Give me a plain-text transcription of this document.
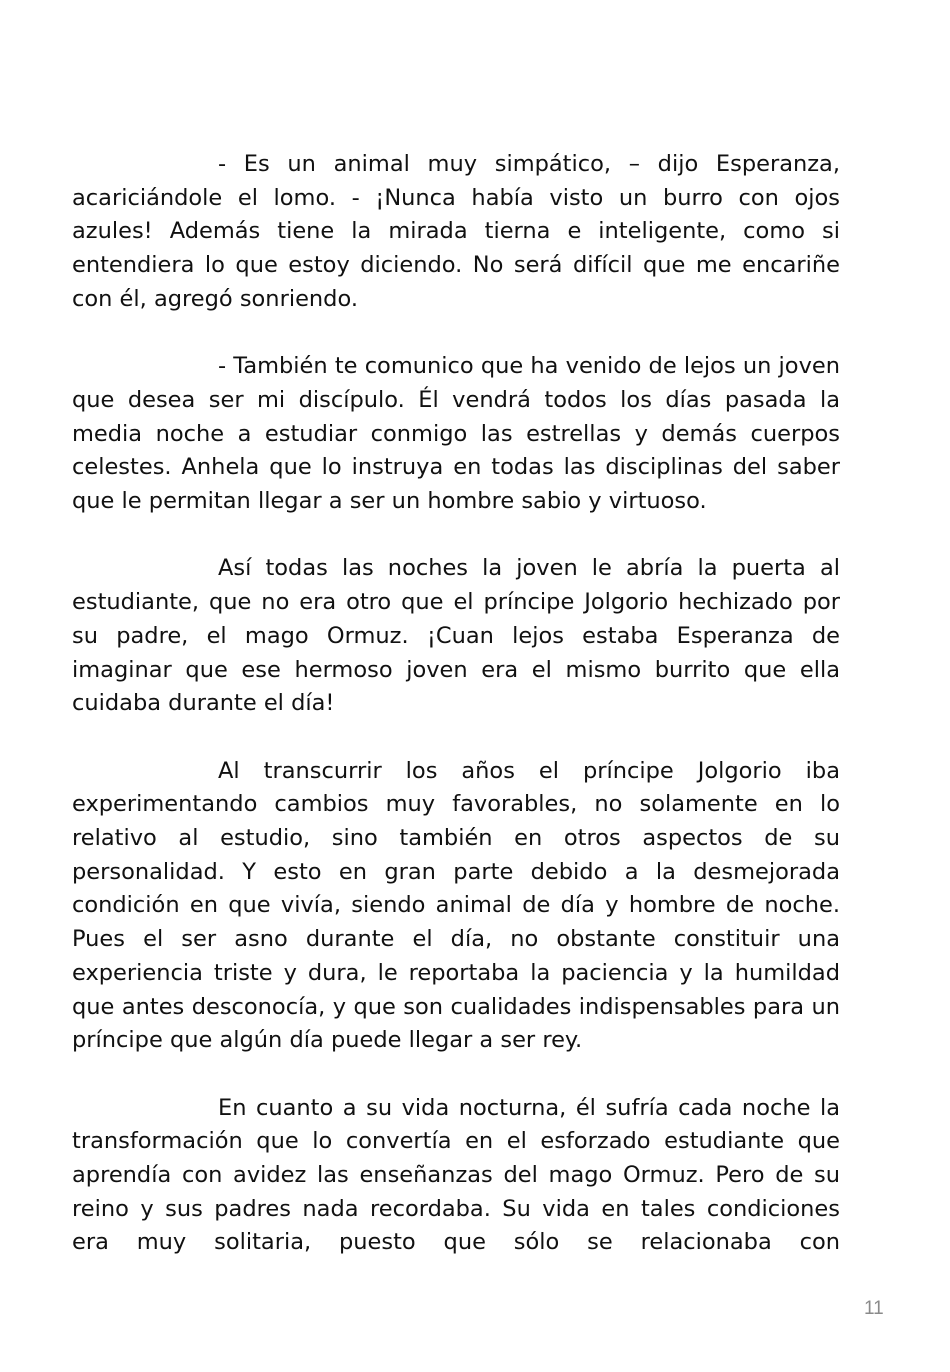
- Es un animal muy simpático, – dijo Esperanza, acariciándole el lomo. - ¡Nunca había visto un burro con ojos azules! Además tiene la mirada tierna e inteligente, como si entendiera lo que estoy diciendo. No será difícil que me encariñe con él, agregó sonriendo.

- También te comunico que ha venido de lejos un joven que desea ser mi discípulo. Él vendrá todos los días pasada la media noche a estudiar conmigo las estrellas y demás cuerpos celestes. Anhela que lo instruya en todas las disciplinas del saber que le permitan llegar a ser un hombre sabio y virtuoso.

Así todas las noches la joven le abría la puerta al estudiante, que no era otro que el príncipe Jolgorio hechizado por su padre, el mago Ormuz. ¡Cuan lejos estaba Esperanza de imaginar que ese hermoso joven era el mismo burrito que ella cuidaba durante el día!

Al transcurrir los años el príncipe Jolgorio iba experimentando cambios muy favorables, no solamente en lo relativo al estudio, sino también en otros aspectos de su personalidad. Y esto en gran parte debido a la desmejorada condición en que vivía, siendo animal de día y hombre de noche. Pues el ser asno durante el día, no obstante constituir una experiencia triste y dura, le reportaba la paciencia y la humildad que antes desconocía, y que son cualidades indispensables para un príncipe que algún día puede llegar a ser rey.

En cuanto a su vida nocturna, él sufría cada noche la transformación que lo convertía en el esforzado estudiante que aprendía con avidez las enseñanzas del mago Ormuz. Pero de su reino y sus padres nada recordaba. Su vida en tales condiciones era muy solitaria, puesto que sólo se relacionaba con

11
